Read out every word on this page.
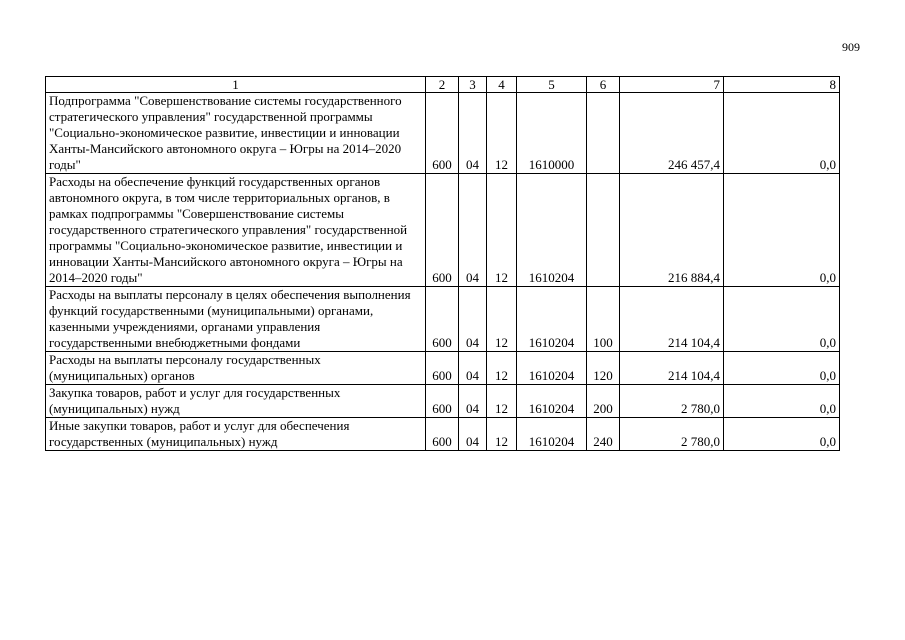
909
1	2	3	4	5	6	7	8
Подпрограмма "Совершенствование системы государственного стратегического управления" государственной программы "Социально-экономическое развитие, инвестиции и инновации Ханты-Мансийского автономного округа – Югры на 2014–2020 годы"	600	04	12	1610000		246 457,4	0,0
Расходы на обеспечение функций государственных органов автономного округа, в том числе территориальных органов, в рамках подпрограммы "Совершенствование системы государственного стратегического управления" государственной программы "Социально-экономическое развитие, инвестиции и инновации Ханты-Мансийского автономного округа – Югры на 2014–2020 годы"	600	04	12	1610204		216 884,4	0,0
Расходы на выплаты персоналу в целях обеспечения выполнения функций государственными (муниципальными) органами, казенными учреждениями, органами управления государственными внебюджетными фондами	600	04	12	1610204	100	214 104,4	0,0
Расходы на выплаты персоналу государственных (муниципальных) органов	600	04	12	1610204	120	214 104,4	0,0
Закупка товаров, работ и услуг для государственных (муниципальных) нужд	600	04	12	1610204	200	2 780,0	0,0
Иные закупки товаров, работ и услуг для обеспечения государственных (муниципальных) нужд	600	04	12	1610204	240	2 780,0	0,0
